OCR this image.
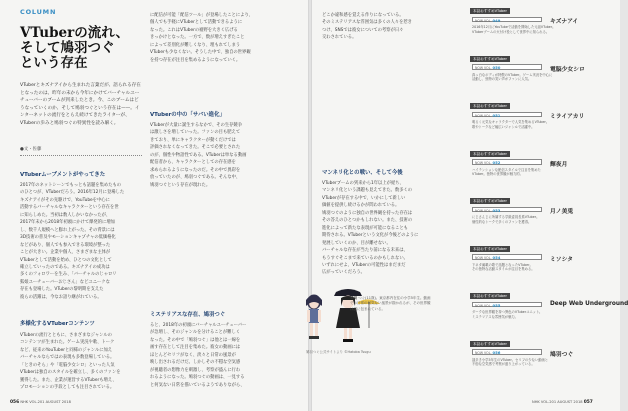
COLUMN
VTuberの流れ、
そして鳩羽つぐ
という存在
VTuberとキズナアイから生まれた言葉だが、語られる存在となったのは、昨年の末から今年にかけてバーチャルユーチューバーのブームが到来したとき。今、このブームはどうなっていくのか、そして鳩羽つぐという存在は——。インターネットの流行をとらえ続けてきたライターが、VTuberの歩みと鳩羽つぐの特異性を読み解く。
●文・佐藤
VTuberムーブメントがやってきた
2017年のネットシーンでもっとも話題を集めたもの
のひとつが、VTuberだろう。2016年12月に登場した
キズナアイがその先駆けで、YouTubeを中心に
活動するバーチャルなキャラクターという存在を世
に知らしめた。当初は数人しかいなかったが、
2017年末から2018年初頭にかけて爆発的に増加
し、数千人規模へと膨れ上がった。その背景には
3D技術の普及やモーションキャプチャの低価格化
などがあり、個人でも参入できる環境が整った
ことが大きい。企業や個人、さまざまな主体が
VTuberとして活動を始め、ひとつの文化として
確立していったのである。キズナアイの成功は
多くのフォロワーを生み、「バーチャルのじゃロリ
狐娘ユーチューバーおじさん」などユニークな
存在も登場した。VTuberの黎明期を支えた
彼らの活躍は、今なお語り継がれている。
多様化するVTuberコンテンツ
VTuberの流行とともに、さまざまなジャンルの
コンテンツが生まれた。ゲーム実況や歌、トーク
など、従来のYouTuberと同様のジャンルに加え
バーチャルならではの表現も多数登場している。
「ときのそら」や「電脳少女シロ」といった人気
VTuberは独自のスタイルを確立し、多くのファンを
獲得した。また、企業が運営するVTuberも増え、
プロモーションの手段としても注目されている。
に配信が可能「配信ツール」が登場したことにより、
個人でも手軽にVTuberとして活動できるように
なった。これはVTuberの裾野を大きく広げる
きっかけとなった。一方で、数が増えすぎたこと
によって差別化が難しくなり、埋もれてしまう
VTuberも少なくない。そうした中で、独自の世界観
を持つ存在が注目を集めるようになっていく。
VTuberの中の「サバい進化」
VTuberが大量に誕生するなかで、その生存競争
は激しさを増していった。ファンの目も肥えて
きており、単にキャラクターが動くだけでは
評価されなくなってきた。そこで必要とされた
のが、個性や物語性である。VTuberは単なる動画
配信者から、キャラクターとしての存在感を
求められるようになったのだ。その中で異彩を
放っていたのが、鳩羽つぐである。そんな中、
鳩羽つぐという存在が現れた。
ミステリアスな存在、鳩羽つぐ
ると、2018年の初頭にバーチャルユーチューバー
が急増し、そのジャンルを分けることが難しく
なった。その中で「鳩羽つぐ」は他とは一線を
画す存在として注目を集めた。彼女の動画には
ほとんどセリフがなく、淡々と日常の風景が
映し出されるだけだ。しかしその不穏な空気感
が視聴者の想像力を刺激し、考察が盛んに行わ
れるようになった。鳩羽つぐの動画は、一見する
と何気ない日常を描いているようでありながら、
056 NHK VOL.201 AUGUST 2018
どこか違和感を覚える作りになっている。
そのミステリアスな雰囲気は多くの人々を惹き
つけ、SNSでは彼女についての考察が日々
交わされている。
マンネリ化との戦い、そして今後
VTuberブームの到来から1年以上が経ち、
マンネリ化という課題も見えてきた。数多くの
VTuberが存在する中で、いかにして新しい
価値を提供し続けるかが問われている。
鳩羽つぐのように独自の世界観を持った存在は
その答えのひとつかもしれない。また、技術の
進化によって新たな表現が可能になることも
期待される。VTuberという文化が今後どのように
発展していくのか、目が離せない。
バーチャルな存在が当たり前になる未来は、
もうすぐそこまで来ているのかもしれない。
いずれにせよ、VTuberの可能性はまだまだ
広がっていくだろう。
NHK VOL.201 AUGUST 2018 057
鳩羽 つぐ(11歳)。東京都内在住の小学5年生。動画では日常の何気ない風景が描かれるが、その世界観は謎に包まれている。
鳩羽つぐ公式サイトより ©Hatoba Tsugu
本誌おすすめVTuber
NOW VOL. 049	キズナアイ
2016年12月にYouTubeで活動を開始した元祖VTuber。
VTuberブームの火付け役として世界中に知られる。
本誌おすすめVTuber
NOW VOL. 050	電脳少女シロ
真っ白なボディが特徴のVTuber。ゲーム実況を中心に
活動し、独特の笑い声がファンに人気。
本誌おすすめVTuber
NOW VOL. 051	ミライアカリ
明るく元気なキャラクターで人気を集めるVTuber。
歌やトークなど幅広いジャンルで活躍中。
本誌おすすめVTuber
NOW VOL. 052	輝夜月
ハイテンションな配信スタイルで注目を集めた
VTuber。独特の世界観が魅力的。
本誌おすすめVTuber
NOW VOL. 053	月ノ美兎
にじさんじに所属する学級委員長系VTuber。
個性的なトークで多くのファンを獲得。
本誌おすすめVTuber
NOW VOL. 054	ミソシタ
下ネタ満載の歌で話題となったVTuber。
その独特な活動スタイルが注目を集める。
本誌おすすめVTuber
NOW VOL. 055	Deep Web Underground
ダークな世界観を持つ異色のVTuberユニット。
ミステリアスな雰囲気が魅力。
本誌おすすめVTuber
NOW VOL. 056	鳩羽つぐ
謎多き小学5年生のVTuber。セリフの少ない動画と
不穏な空気感で考察が盛り上がっている。
